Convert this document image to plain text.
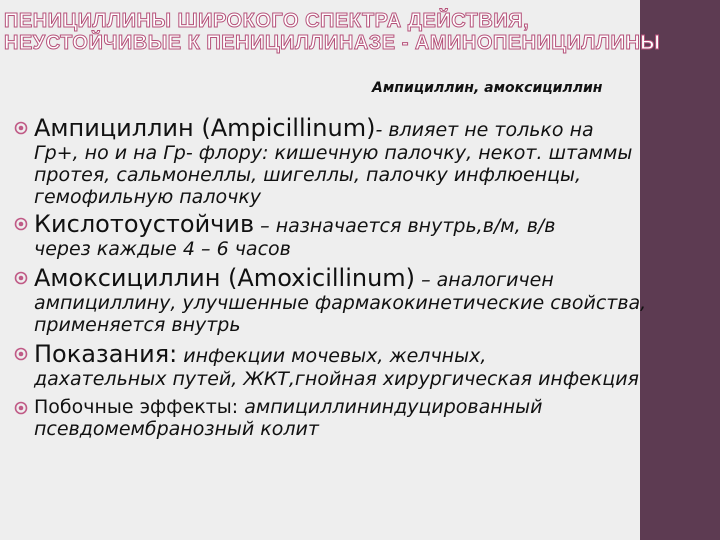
ПЕНИЦИЛЛИНЫ ШИРОКОГО СПЕКТРА ДЕЙСТВИЯ,
НЕУСТОЙЧИВЫЕ К ПЕНИЦИЛЛИНАЗЕ - АМИНОПЕНИЦИЛЛИНЫ

Ампициллин, амоксициллин

Ампициллин (Ampicillinum)- влияет не только на
Гр+, но и на Гр- флору: кишечную палочку, некот. штаммы протея, сальмонеллы, шигеллы, палочку инфлюенцы, гемофильную палочку
Кислотоустойчив – назначается внутрь,в/м, в/в
через каждые 4 – 6 часов
Амоксициллин (Amoxicillinum) – аналогичен
ампициллину, улучшенные фармакокинетические свойства, применяется внутрь
Показания: инфекции мочевых, желчных,
дахательных путей, ЖКТ,гнойная хирургическая инфекция
Побочные эффекты: ампициллининдуцированный
псевдомембранозный колит
